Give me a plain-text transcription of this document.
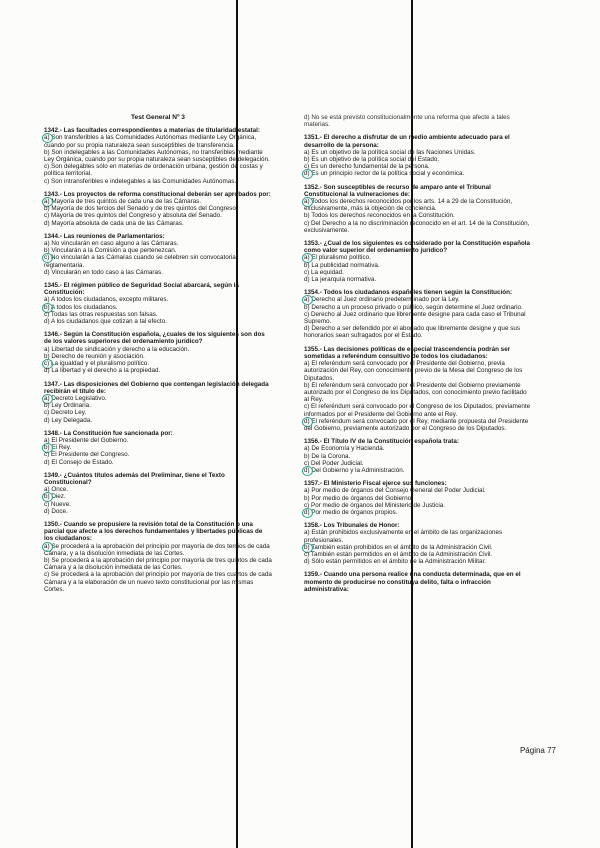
Test General Nº 3
1342.- Las facultades correspondientes a materias de titularidad estatal:
a) Son transferibles a las Comunidades Autónomas mediante Ley Orgánica, cuando por su propia naturaleza sean susceptibles de transferencia.
b) Son indelegables a las Comunidades Autónomas, no transferibles mediante Ley Orgánica, cuando por su propia naturaleza sean susceptibles de delegación.
c) Son delegables sólo en materias de ordenación urbana, gestión de costas y política territorial.
c) Son intransferibles e indelegables a las Comunidades Autónomas.
1343.- Los proyectos de reforma constitucional deberán ser aprobados por:
a) Mayoría de tres quintos de cada una de las Cámaras.
b) Mayoría de dos tercios del Senado y de tres quintos del Congreso.
c) Mayoría de tres quintos del Congreso y absoluta del Senado.
d) Mayoría absoluta de cada una de las Cámaras.
1344.- Las reuniones de Parlamentarios:
a) No vincularán en caso alguno a las Cámaras.
b) Vincularán a la Comisión a que pertenezcan.
c) No vincularán a las Cámaras cuando se celebren sin convocatoria reglamentaria.
d) Vincularán en todo caso a las Cámaras.
1345.- El régimen público de Seguridad Social abarcará, según la Constitución:
a) A todos los ciudadanos, excepto militares.
b) A todos los ciudadanos.
c) Todas las otras respuestas son falsas.
d) A los ciudadanos que cotizan a tal efecto.
1346.- Según la Constitución española, ¿cuales de los siguientes son dos de los valores superiores del ordenamiento jurídico?
a) Libertad de sindicación y derecho a la educación.
b) Derecho de reunión y asociación.
c) La igualdad y el pluralismo político.
d) La libertad y el derecho a la propiedad.
1347.- Las disposiciones del Gobierno que contengan legislación delegada recibirán el título de:
a) Decreto Legislativo.
b) Ley Ordinaria.
c) Decreto Ley.
d) Ley Delegada.
1348.- La Constitución fue sancionada por:
a) El Presidente del Gobierno.
b) El Rey.
c) El Presidente del Congreso.
d) El Consejo de Estado.
1349.- ¿Cuántos títulos además del Preliminar, tiene el Texto Constitucional?
a) Once.
b) Diez.
c) Nueve.
d) Doce.
1350.- Cuando se propusiere la revisión total de la Constitución o una parcial que afecte a los derechos fundamentales y libertades públicas de los ciudadanos:
a) Se procederá a la aprobación del principio por mayoría de dos tercios de cada Cámara, y a la disolución inmediata de las Cortes.
b) Se procederá a la aprobación del principio por mayoría de tres quintos de cada Cámara y a la disolución inmediata de las Cortes.
c) Se procederá a la aprobación del principio por mayoría de tres cuartos de cada Cámara y a la elaboración de un nuevo texto constitucional por las mismas Cortes.
d) No se está previsto constitucionalmente una reforma que afecte a tales materias.
1351.- El derecho a disfrutar de un medio ambiente adecuado para el desarrollo de la persona:
a) Es un objetivo de la política social de las Naciones Unidas.
b) Es un objetivo de la política social del Estado.
c) Es un derecho fundamental de la persona.
d) Es un principio rector de la política social y económica.
1352.- Son susceptibles de recurso de amparo ante el Tribunal Constitucional la vulneraciones de:
a) Todos los derechos reconocidos por los arts. 14 a 29 de la Constitución, exclusivamente, más la objeción de conciencia.
b) Todos los derechos reconocidos en la Constitución.
c) Del Derecho a la no discriminación reconocido en el art. 14 de la Constitución, exclusivamente.
1353.- ¿Cual de los siguientes es considerado por la Constitución española como valor superior del ordenamiento jurídico?
a) El pluralismo político.
b) La publicidad normativa.
c) La equidad.
d) La jerarquía normativa.
1354.- Todos los ciudadanos españoles tienen según la Constitución:
a) Derecho al Juez ordinario predeterminado por la Ley.
b) Derecho a un proceso privado o público, según determine el Juez ordinario.
c) Derecho al Juez ordinario que libremente designe para cada caso el Tribunal Supremo.
d) Derecho a ser defendido por el abogado que libremente designe y que sus honorarios sean sufragados por el Estado.
1355.- Las decisiones políticas de especial trascendencia podrán ser sometidas a referéndum consultivo de todos los ciudadanos:
a) El referéndum será convocado por el Presidente del Gobierno, previa autorización del Rey, con conocimiento previo de la Mesa del Congreso de los Diputados.
b) El referéndum será convocado por el Presidente del Gobierno previamente autorizado por el Congreso de los Diputados, con conocimiento previo facilitado al Rey.
c) El referéndum será convocado por el Congreso de los Diputados, previamente informados por el Presidente del Gobierno ante el Rey.
d) El referéndum será convocado por el Rey, mediante propuesta del Presidente del Gobierno, previamente autorizado por el Congreso de los Diputados.
1356.- El Título IV de la Constitución española trata:
a) De Economía y Hacienda.
b) De la Corona.
c) Del Poder Judicial.
d) Del Gobierno y la Administración.
1357.- El Ministerio Fiscal ejerce sus funciones:
a) Por medio de órganos del Consejo General del Poder Judicial.
b) Por medio de órganos del Gobierno.
c) Por medio de órganos del Ministerio de Justicia.
d) Por medio de órganos propios.
1358.- Los Tribunales de Honor:
a) Están prohibidos exclusivamente en el ámbito de las organizaciones profesionales.
b) También están prohibidos en el ámbito de la Administración Civil.
c) También están permitidos en el ámbito de la Administración Civil.
d) Sólo están permitidos en el ámbito de la Administración Militar.
1359.- Cuando una persona realice una conducta determinada, que en el momento de producirse no constituya delito, falta o infracción administrativa:
Página 77
